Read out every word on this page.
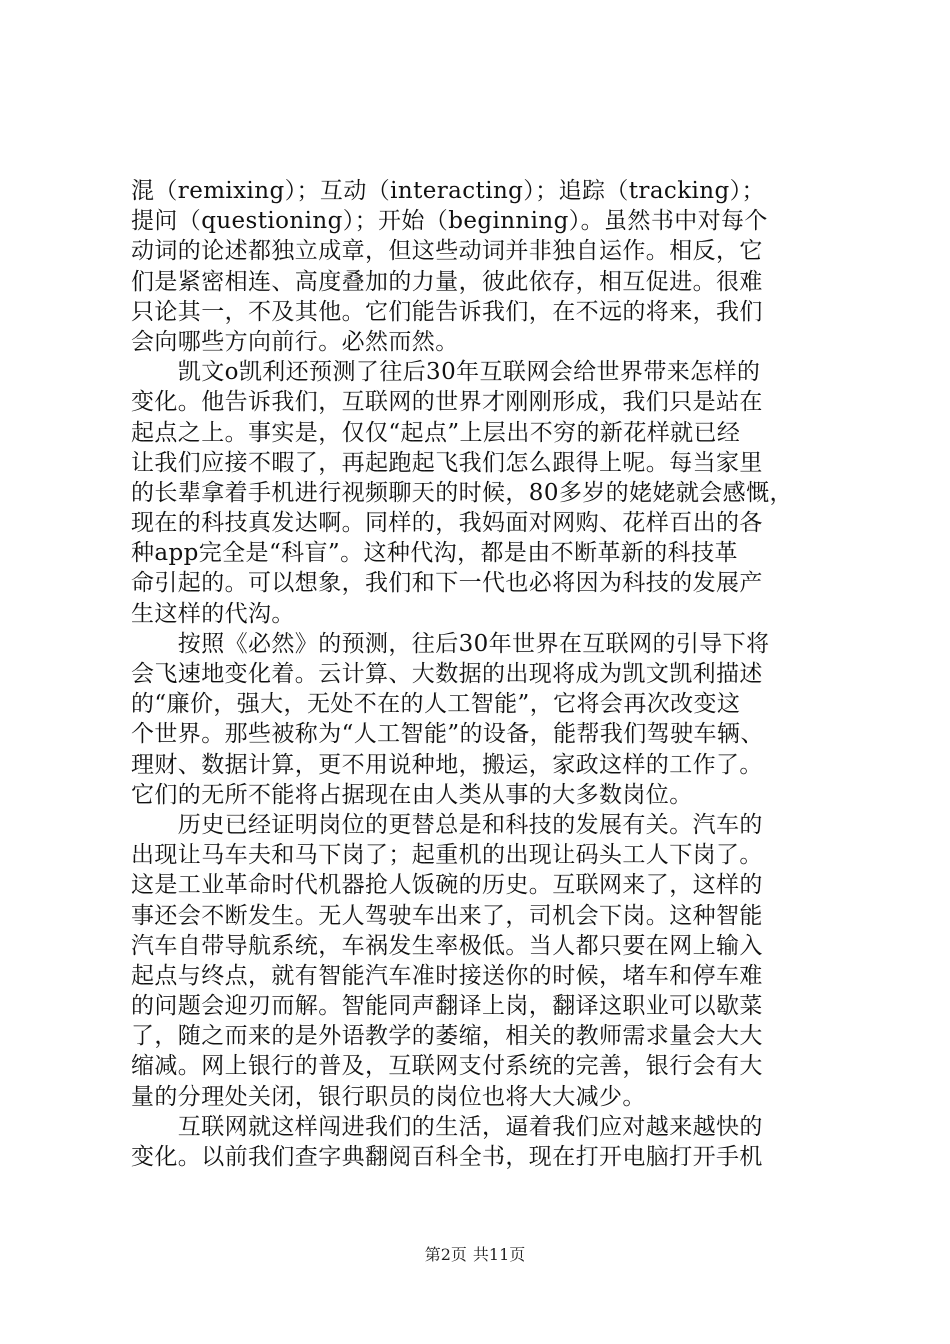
混（remixing）；互动（interacting）；追踪（tracking）；
提问（questioning）；开始（beginning）。虽然书中对每个
动词的论述都独立成章，但这些动词并非独自运作。相反，它
们是紧密相连、高度叠加的力量，彼此依存，相互促进。很难
只论其一，不及其他。它们能告诉我们，在不远的将来，我们
会向哪些方向前行。必然而然。
　　凯文o凯利还预测了往后30年互联网会给世界带来怎样的
变化。他告诉我们，互联网的世界才刚刚形成，我们只是站在
起点之上。事实是，仅仅“起点”上层出不穷的新花样就已经
让我们应接不暇了，再起跑起飞我们怎么跟得上呢。每当家里
的长辈拿着手机进行视频聊天的时候，80多岁的姥姥就会感慨，
现在的科技真发达啊。同样的，我妈面对网购、花样百出的各
种app完全是“科盲”。这种代沟，都是由不断革新的科技革
命引起的。可以想象，我们和下一代也必将因为科技的发展产
生这样的代沟。
　　按照《必然》的预测，往后30年世界在互联网的引导下将
会飞速地变化着。云计算、大数据的出现将成为凯文凯利描述
的“廉价，强大，无处不在的人工智能”，它将会再次改变这
个世界。那些被称为“人工智能”的设备，能帮我们驾驶车辆、
理财、数据计算，更不用说种地，搬运，家政这样的工作了。
它们的无所不能将占据现在由人类从事的大多数岗位。
　　历史已经证明岗位的更替总是和科技的发展有关。汽车的
出现让马车夫和马下岗了；起重机的出现让码头工人下岗了。
这是工业革命时代机器抢人饭碗的历史。互联网来了，这样的
事还会不断发生。无人驾驶车出来了，司机会下岗。这种智能
汽车自带导航系统，车祸发生率极低。当人都只要在网上输入
起点与终点，就有智能汽车准时接送你的时候，堵车和停车难
的问题会迎刃而解。智能同声翻译上岗，翻译这职业可以歇菜
了，随之而来的是外语教学的萎缩，相关的教师需求量会大大
缩减。网上银行的普及，互联网支付系统的完善，银行会有大
量的分理处关闭，银行职员的岗位也将大大减少。
　　互联网就这样闯进我们的生活，逼着我们应对越来越快的
变化。以前我们查字典翻阅百科全书，现在打开电脑打开手机
第2页 共11页
